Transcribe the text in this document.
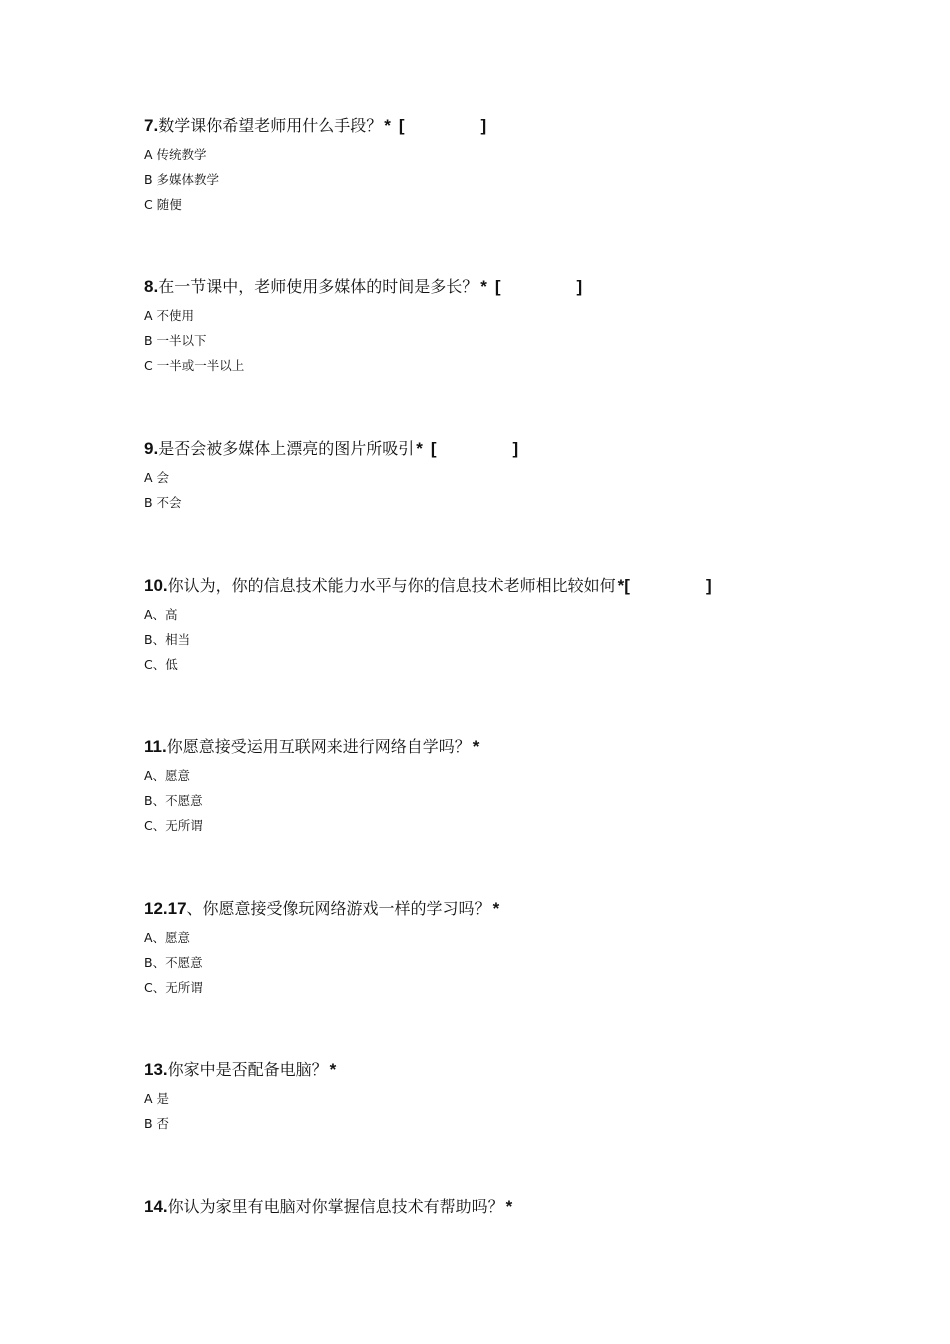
7. 数学课你希望老师用什么手段？ * [	]
A 传统教学
B 多媒体教学
C 随便
8. 在一节课中，老师使用多媒体的时间是多长？ * [	]
A 不使用
B 一半以下
C 一半或一半以上
9. 是否会被多媒体上漂亮的图片所吸引 * [	]
A 会
B 不会
10. 你认为，你的信息技术能力水平与你的信息技术老师相比较如何 * [	]
A、高
B、相当
C、低
11. 你愿意接受运用互联网来进行网络自学吗？ *
A、愿意
B、不愿意
C、无所谓
12.17 、你愿意接受像玩网络游戏一样的学习吗？ *
A、愿意
B、不愿意
C、无所谓
13. 你家中是否配备电脑？ *
A 是
B 否
14. 你认为家里有电脑对你掌握信息技术有帮助吗？ *
